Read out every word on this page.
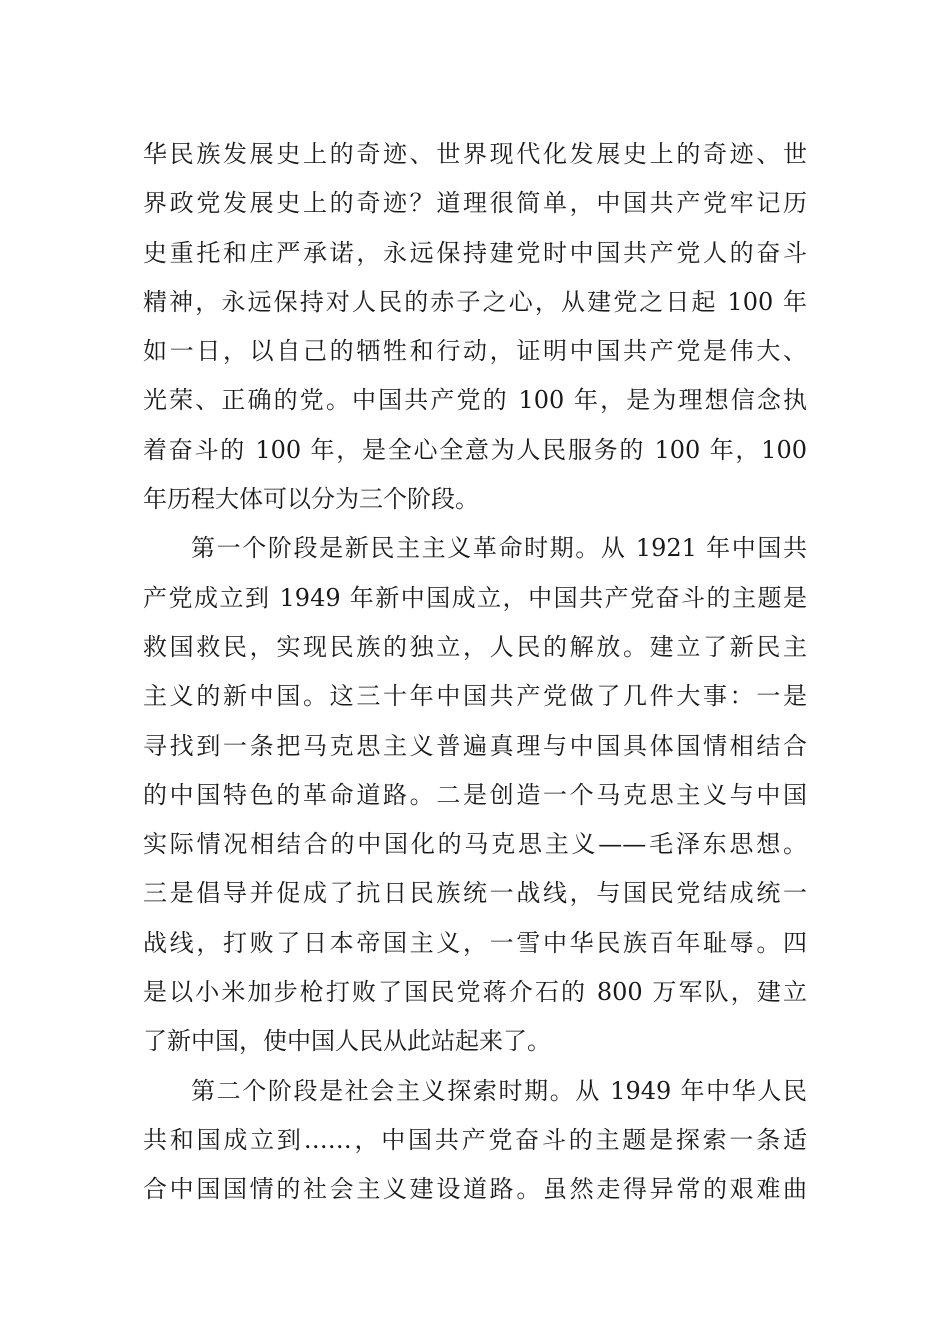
华民族发展史上的奇迹、世界现代化发展史上的奇迹、世
界政党发展史上的奇迹？道理很简单，中国共产党牢记历
史重托和庄严承诺，永远保持建党时中国共产党人的奋斗
精神，永远保持对人民的赤子之心，从建党之日起 100 年
如一日，以自己的牺牲和行动，证明中国共产党是伟大、
光荣、正确的党。中国共产党的 100 年，是为理想信念执
着奋斗的 100 年，是全心全意为人民服务的 100 年，100
年历程大体可以分为三个阶段。
第一个阶段是新民主主义革命时期。从 1921 年中国共
产党成立到 1949 年新中国成立，中国共产党奋斗的主题是
救国救民，实现民族的独立，人民的解放。建立了新民主
主义的新中国。这三十年中国共产党做了几件大事：一是
寻找到一条把马克思主义普遍真理与中国具体国情相结合
的中国特色的革命道路。二是创造一个马克思主义与中国
实际情况相结合的中国化的马克思主义——毛泽东思想。
三是倡导并促成了抗日民族统一战线，与国民党结成统一
战线，打败了日本帝国主义，一雪中华民族百年耻辱。四
是以小米加步枪打败了国民党蒋介石的 800 万军队，建立
了新中国，使中国人民从此站起来了。
第二个阶段是社会主义探索时期。从 1949 年中华人民
共和国成立到……，中国共产党奋斗的主题是探索一条适
合中国国情的社会主义建设道路。虽然走得异常的艰难曲
